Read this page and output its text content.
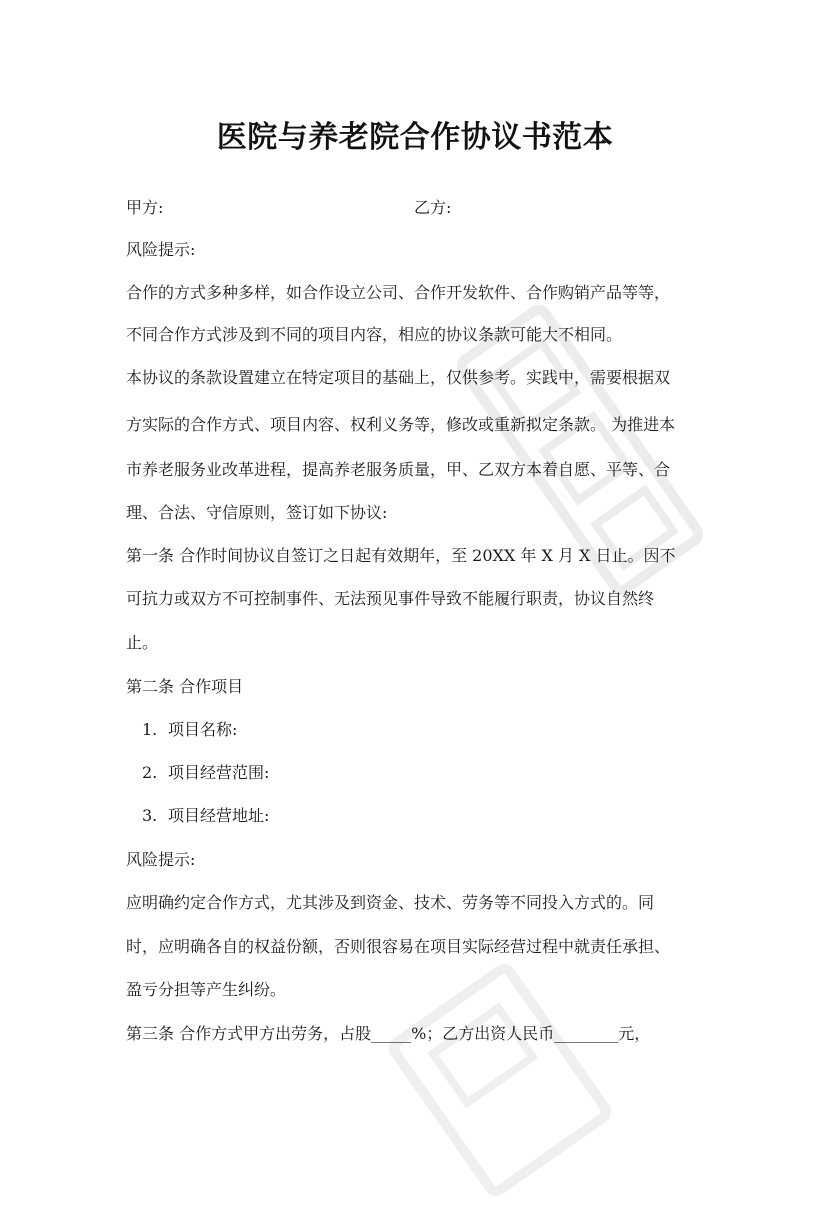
医院与养老院合作协议书范本
甲方:	乙方:
风险提示:
合作的方式多种多样，如合作设立公司、合作开发软件、合作购销产品等等，
不同合作方式涉及到不同的项目内容，相应的协议条款可能大不相同。
本协议的条款设置建立在特定项目的基础上，仅供参考。实践中，需要根据双
方实际的合作方式、项目内容、权利义务等，修改或重新拟定条款。 为推进本
市养老服务业改革进程，提高养老服务质量，甲、乙双方本着自愿、平等、合
理、合法、守信原则，签订如下协议:
第一条 合作时间协议自签订之日起有效期年，至 20XX 年 X 月 X 日止。因不
可抗力或双方不可控制事件、无法预见事件导致不能履行职责，协议自然终
止。
第二条 合作项目
1. 项目名称:
2. 项目经营范围:
3. 项目经营地址:
风险提示:
应明确约定合作方式，尤其涉及到资金、技术、劳务等不同投入方式的。同
时，应明确各自的权益份额，否则很容易在项目实际经营过程中就责任承担、
盈亏分担等产生纠纷。
第三条 合作方式甲方出劳务，占股_____%；乙方出资人民币________元，
